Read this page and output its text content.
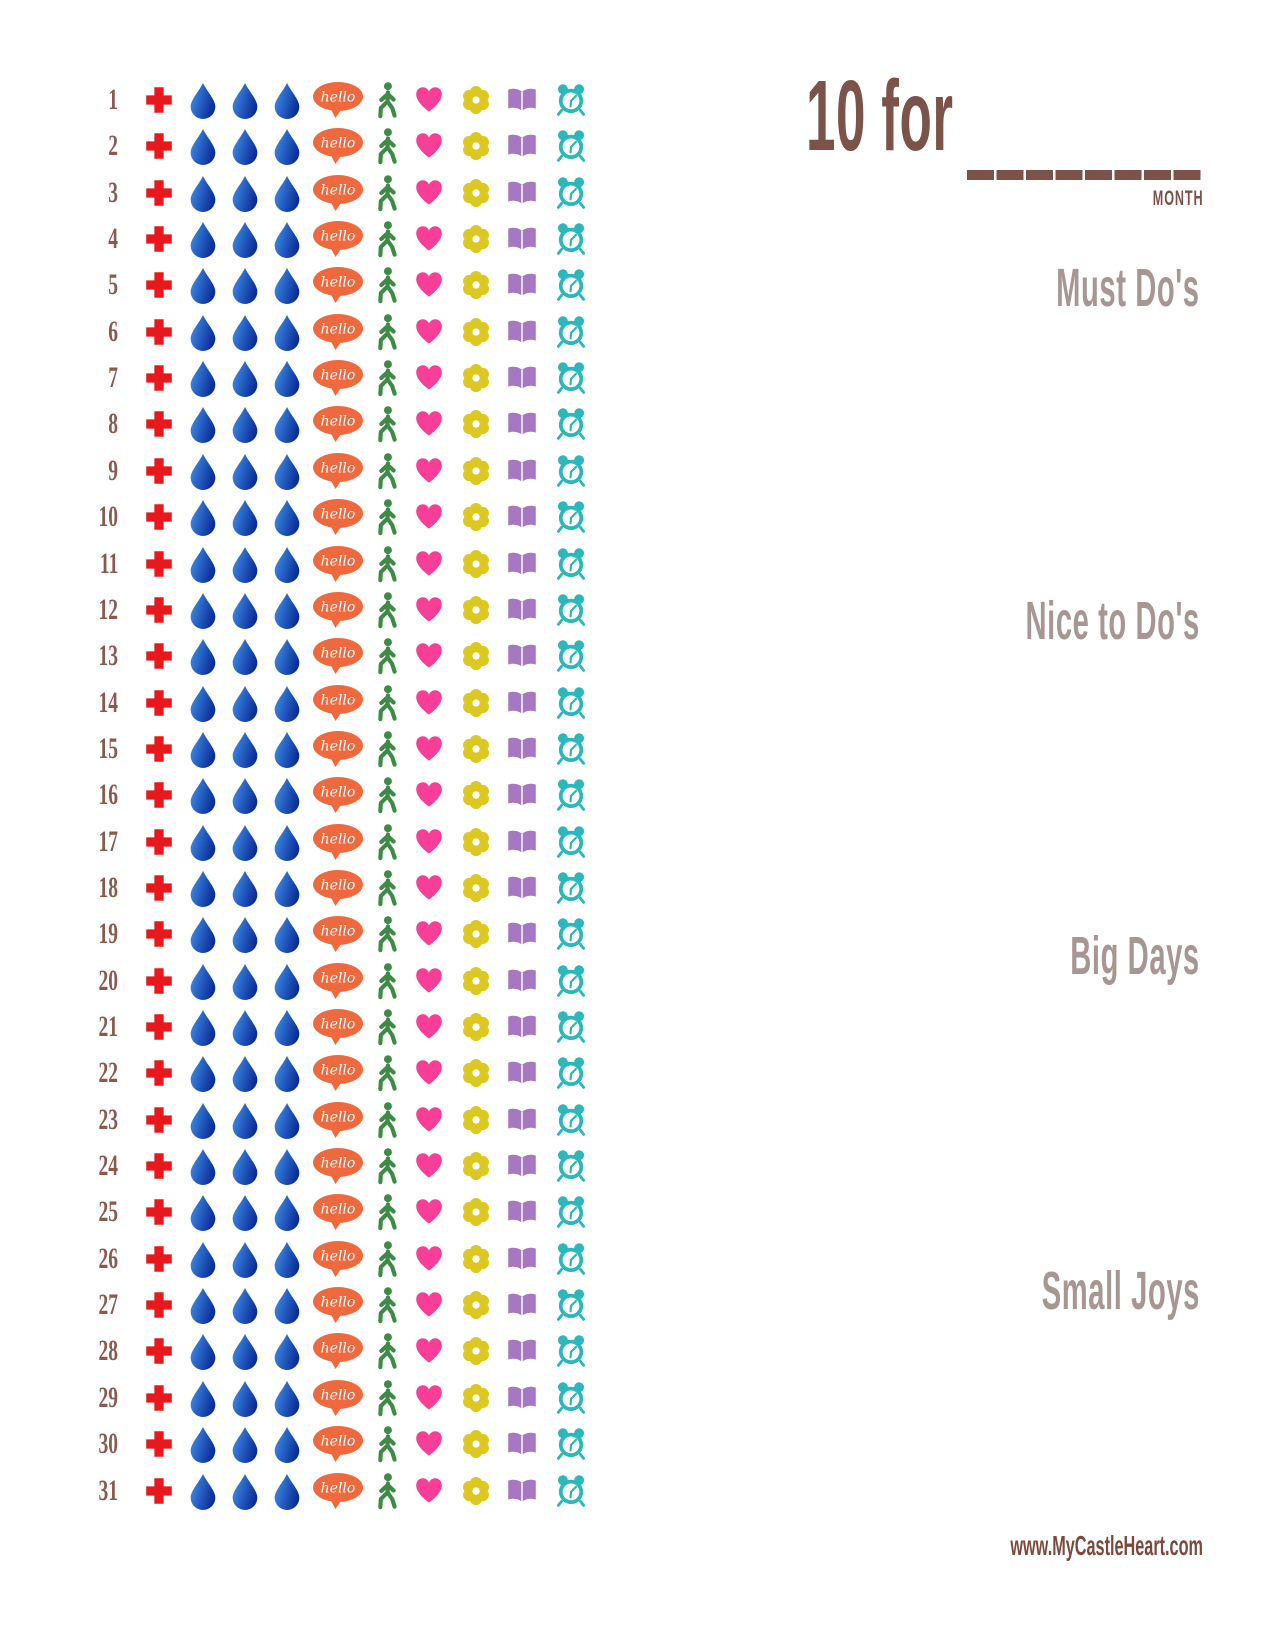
1
2
3
4
5
6
7
8
9
10
11
12
13
14
15
16
17
18
19
20
21
22
23
24
25
26
27
28
29
30
31
10 for
MONTH
Must Do's
Nice to Do's
Big Days
Small Joys
www.MyCastleHeart.com
